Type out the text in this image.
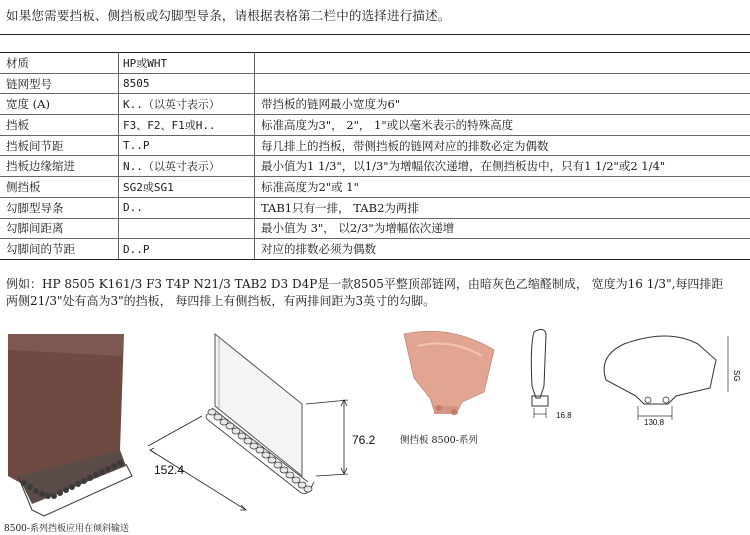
如果您需要挡板、侧挡板或勾脚型导条，请根据表格第二栏中的选择进行描述。
材质	HP或WHT	
链网型号	8505	
宽度 (A)	K..（以英寸表示）	带挡板的链网最小宽度为6"
挡板	F3、F2、F1或H..	标准高度为3"， 2"， 1"或以毫米表示的特殊高度
挡板间节距	T..P	每几排上的挡板，带侧挡板的链网对应的排数必定为偶数
挡板边缘缩进	N..（以英寸表示）	最小值为1 1/3"，以1/3"为增幅依次递增，在侧挡板齿中，只有1 1/2"或2 1/4"
侧挡板	SG2或SG1	标准高度为2"或 1"
勾脚型导条	D..	TAB1只有一排， TAB2为两排
勾脚间距离		最小值为 3"， 以2/3"为增幅依次递增
勾脚间的节距	D..P	对应的排数必须为偶数

例如：HP 8505 K161/3 F3 T4P N21/3 TAB2 D3 D4P是一款8505平整顶部链网，由暗灰色乙缩醛制成， 宽度为16 1/3",每四排距

两侧21/3"处有高为3"的挡板， 每四排上有侧挡板，有两排间距为3英寸的勾脚。

8500-系列挡板应用在倾斜输送
76.2
152.4
侧挡板 8500-系列
16.8
130.8
SG
